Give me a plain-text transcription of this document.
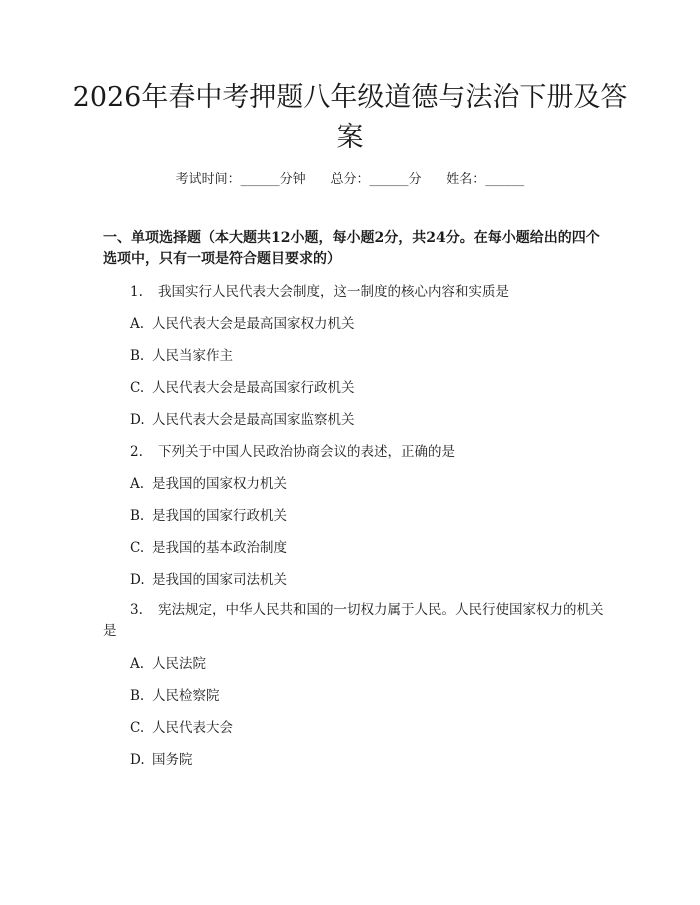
2026年春中考押题八年级道德与法治下册及答案
考试时间：______分钟 总分：______分 姓名：______

一、单项选择题（本大题共12小题，每小题2分，共24分。在每小题给出的四个选项中，只有一项是符合题目要求的）

1. 我国实行人民代表大会制度，这一制度的核心内容和实质是
A. 人民代表大会是最高国家权力机关
B. 人民当家作主
C. 人民代表大会是最高国家行政机关
D. 人民代表大会是最高国家监察机关
2. 下列关于中国人民政治协商会议的表述，正确的是
A. 是我国的国家权力机关
B. 是我国的国家行政机关
C. 是我国的基本政治制度
D. 是我国的国家司法机关
3. 宪法规定，中华人民共和国的一切权力属于人民。人民行使国家权力的机关是
A. 人民法院
B. 人民检察院
C. 人民代表大会
D. 国务院
